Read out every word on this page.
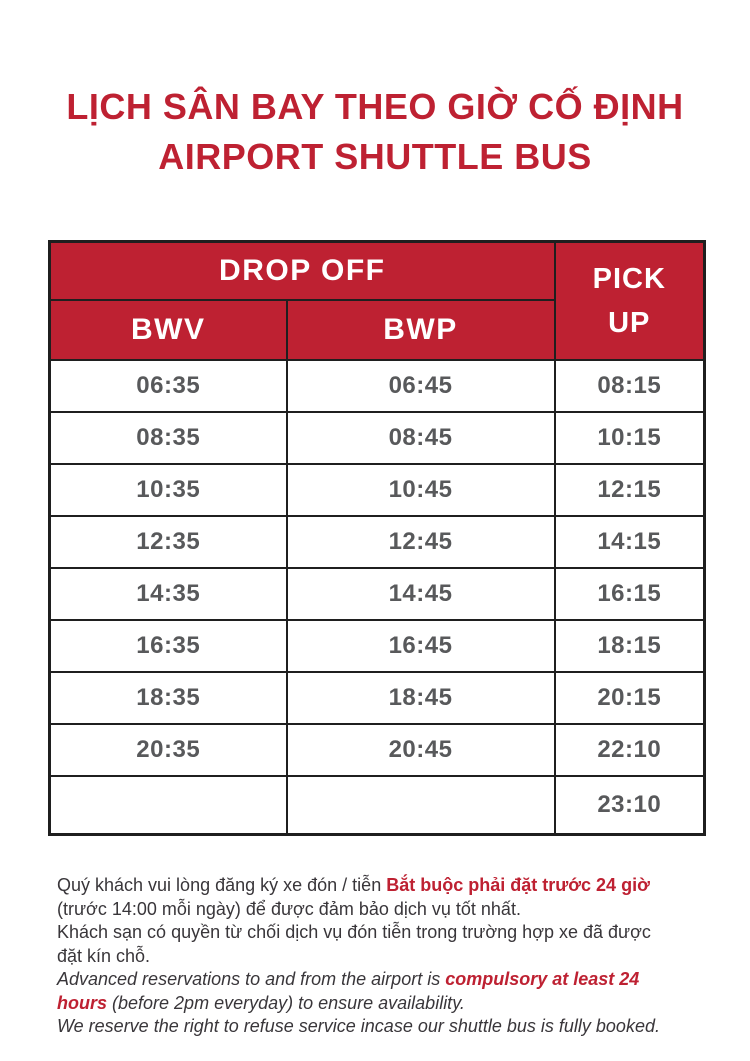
LỊCH SÂN BAY THEO GIỜ CỐ ĐỊNH
AIRPORT SHUTTLE BUS
DROP OFF		PICK
UP
BWV	BWP	
06:35	06:45	08:15
08:35	08:45	10:15
10:35	10:45	12:15
12:35	12:45	14:15
14:35	14:45	16:15
16:35	16:45	18:15
18:35	18:45	20:15
20:35	20:45	22:10
		23:10
Quý khách vui lòng đăng ký xe đón / tiễn Bắt buộc phải đặt trước 24 giờ
(trước 14:00 mỗi ngày) để được đảm bảo dịch vụ tốt nhất.
Khách sạn có quyền từ chối dịch vụ đón tiễn trong trường hợp xe đã được
đặt kín chỗ.
Advanced reservations to and from the airport is compulsory at least 24
hours (before 2pm everyday) to ensure availability.
We reserve the right to refuse service incase our shuttle bus is fully booked.
